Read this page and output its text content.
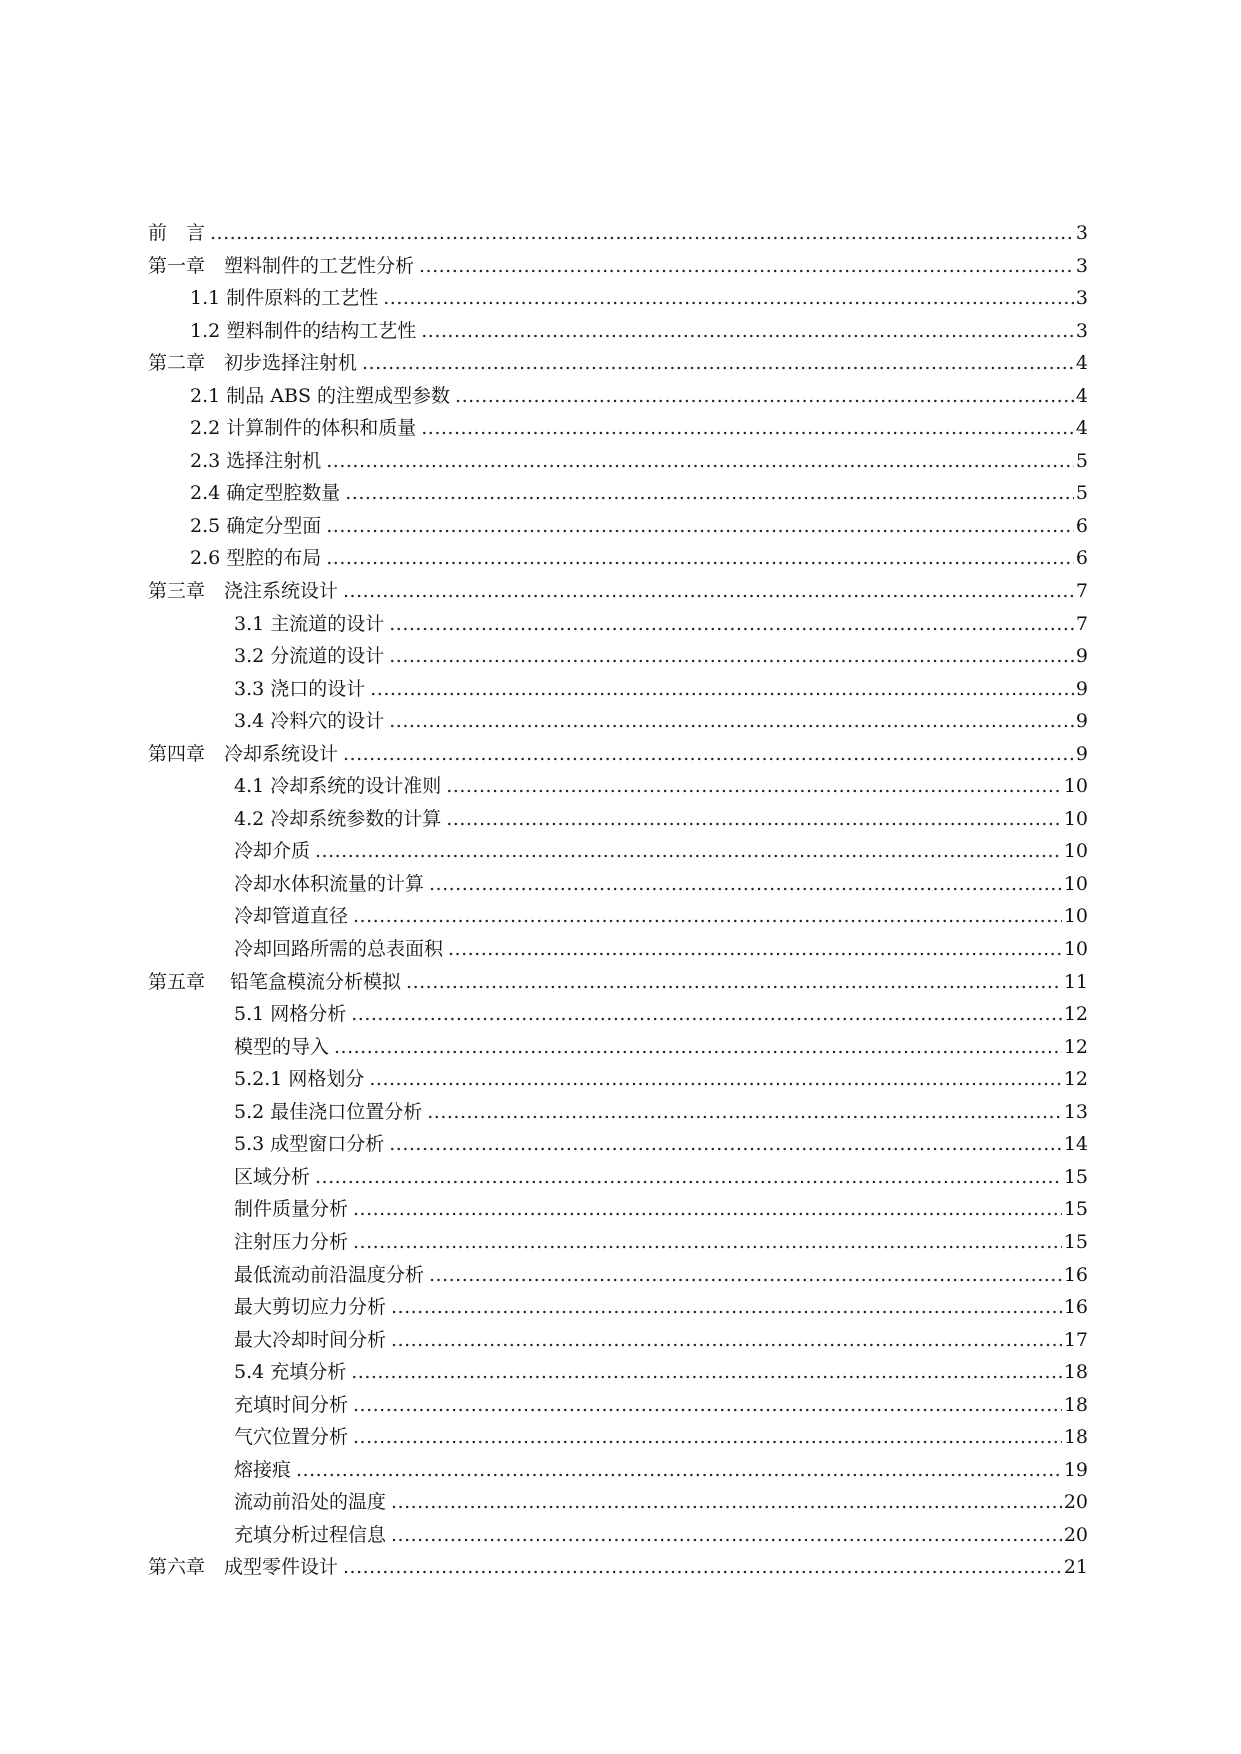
前　言 .....	3
第一章　塑料制件的工艺性分析 .....	3
1.1 制件原料的工艺性 .....	3
1.2 塑料制件的结构工艺性 .....	3
第二章　初步选择注射机 .....	4
2.1 制品 ABS 的注塑成型参数 .....	4
2.2 计算制件的体积和质量 .....	4
2.3 选择注射机 .....	5
2.4 确定型腔数量 .....	5
2.5 确定分型面 .....	6
2.6 型腔的布局 .....	6
第三章　浇注系统设计 .....	7
3.1 主流道的设计 .....	7
3.2 分流道的设计 .....	9
3.3 浇口的设计 .....	9
3.4 冷料穴的设计 .....	9
第四章　冷却系统设计 .....	9
4.1 冷却系统的设计准则 .....	10
4.2 冷却系统参数的计算 .....	10
冷却介质 .....	10
冷却水体积流量的计算 .....	10
冷却管道直径 .....	10
冷却回路所需的总表面积 .....	10
第五章　 铅笔盒模流分析模拟 .....	11
5.1 网格分析 .....	12
模型的导入 .....	12
5.2.1 网格划分 .....	12
5.2 最佳浇口位置分析 .....	13
5.3 成型窗口分析 .....	14
区域分析 .....	15
制件质量分析 .....	15
注射压力分析 .....	15
最低流动前沿温度分析 .....	16
最大剪切应力分析 .....	16
最大冷却时间分析 .....	17
5.4 充填分析 .....	18
充填时间分析 .....	18
气穴位置分析 .....	18
熔接痕 .....	19
流动前沿处的温度 .....	20
充填分析过程信息 .....	20
第六章　成型零件设计 .....	21
